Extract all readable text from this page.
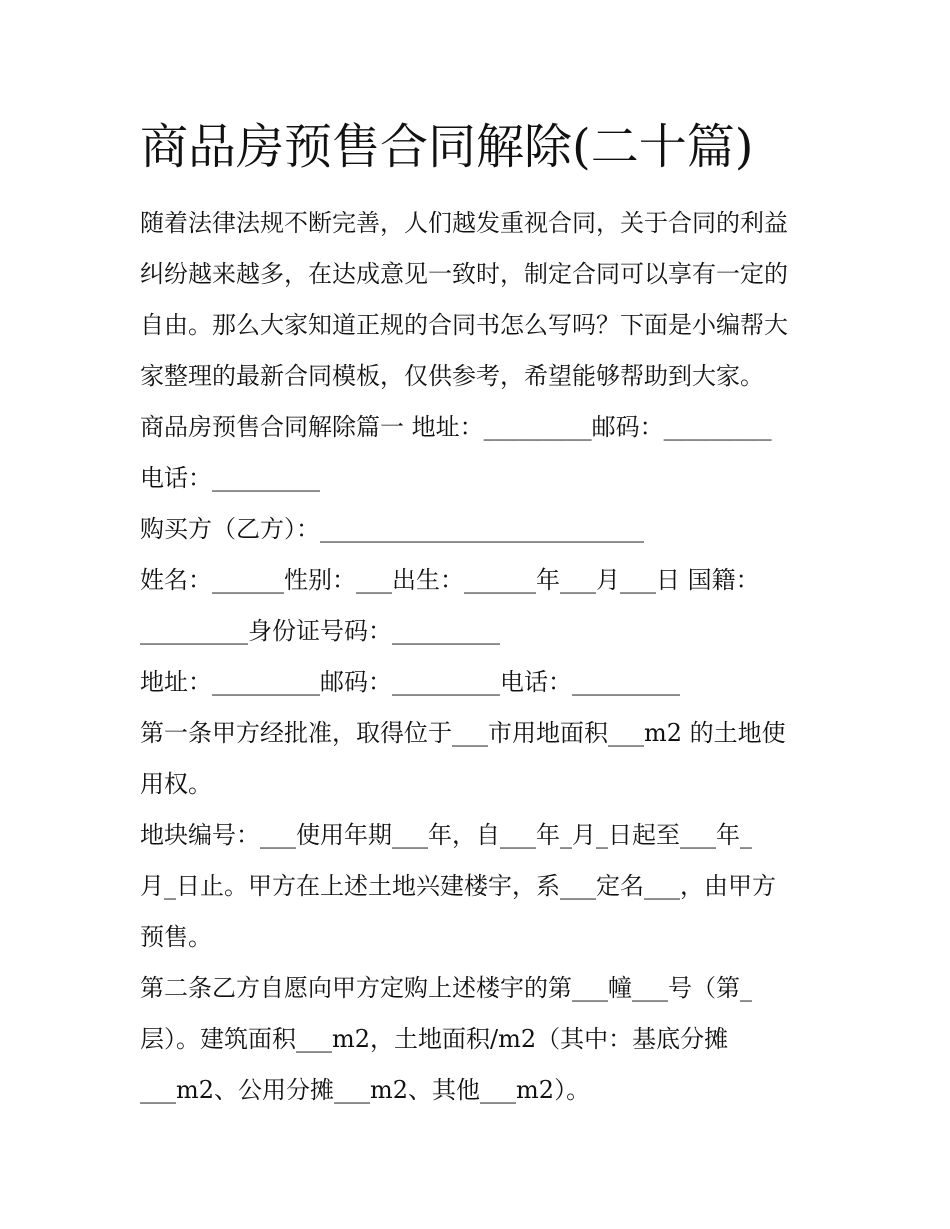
商品房预售合同解除(二十篇)
随着法律法规不断完善，人们越发重视合同，关于合同的利益
纠纷越来越多，在达成意见一致时，制定合同可以享有一定的
自由。那么大家知道正规的合同书怎么写吗？下面是小编帮大
家整理的最新合同模板，仅供参考，希望能够帮助到大家。
商品房预售合同解除篇一 地址：_________邮码：_________
电话：_________
购买方（乙方）：___________________________
姓名：______性别：___出生：______年___月___日 国籍：
_________身份证号码：_________
地址：_________邮码：_________电话：_________
第一条甲方经批准，取得位于___市用地面积___m2 的土地使
用权。
地块编号：___使用年期___年，自___年_月_日起至___年_
月_日止。甲方在上述土地兴建楼宇，系___定名___，由甲方
预售。
第二条乙方自愿向甲方定购上述楼宇的第___幢___号（第_
层）。建筑面积___m2，土地面积/m2（其中：基底分摊
___m2、公用分摊___m2、其他___m2）。
